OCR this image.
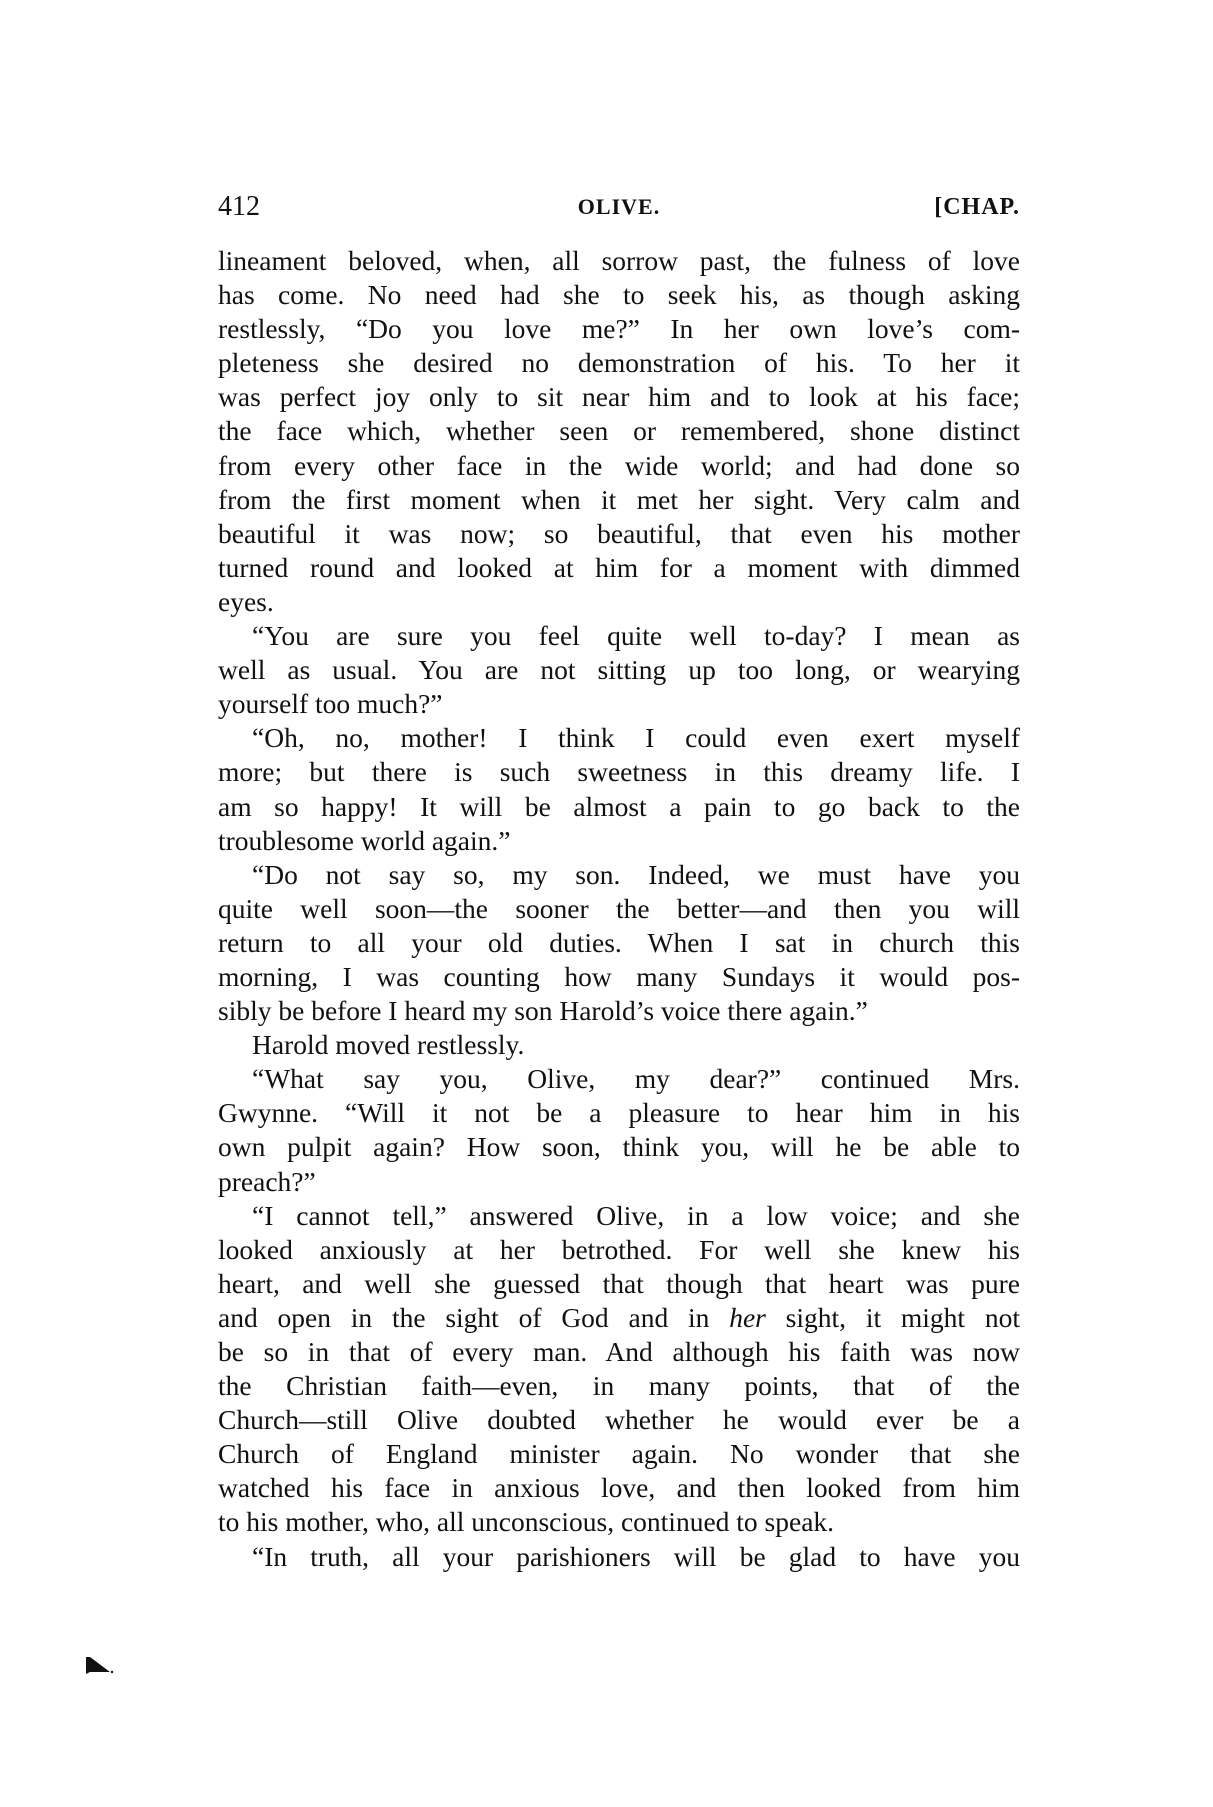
412	OLIVE.	[CHAP.
lineament beloved, when, all sorrow past, the fulness of love
has come. No need had she to seek his, as though asking
restlessly, “Do you love me?” In her own love’s com-
pleteness she desired no demonstration of his. To her it
was perfect joy only to sit near him and to look at his face;
the face which, whether seen or remembered, shone distinct
from every other face in the wide world; and had done so
from the first moment when it met her sight. Very calm and
beautiful it was now; so beautiful, that even his mother
turned round and looked at him for a moment with dimmed
eyes.
“You are sure you feel quite well to-day? I mean as
well as usual. You are not sitting up too long, or wearying
yourself too much?”
“Oh, no, mother! I think I could even exert myself
more; but there is such sweetness in this dreamy life. I
am so happy! It will be almost a pain to go back to the
troublesome world again.”
“Do not say so, my son. Indeed, we must have you
quite well soon—the sooner the better—and then you will
return to all your old duties. When I sat in church this
morning, I was counting how many Sundays it would pos-
sibly be before I heard my son Harold’s voice there again.”
Harold moved restlessly.
“What say you, Olive, my dear?” continued Mrs.
Gwynne. “Will it not be a pleasure to hear him in his
own pulpit again? How soon, think you, will he be able to
preach?”
“I cannot tell,” answered Olive, in a low voice; and she
looked anxiously at her betrothed. For well she knew his
heart, and well she guessed that though that heart was pure
and open in the sight of God and in her sight, it might not
be so in that of every man. And although his faith was now
the Christian faith—even, in many points, that of the
Church—still Olive doubted whether he would ever be a
Church of England minister again. No wonder that she
watched his face in anxious love, and then looked from him
to his mother, who, all unconscious, continued to speak.
“In truth, all your parishioners will be glad to have you
